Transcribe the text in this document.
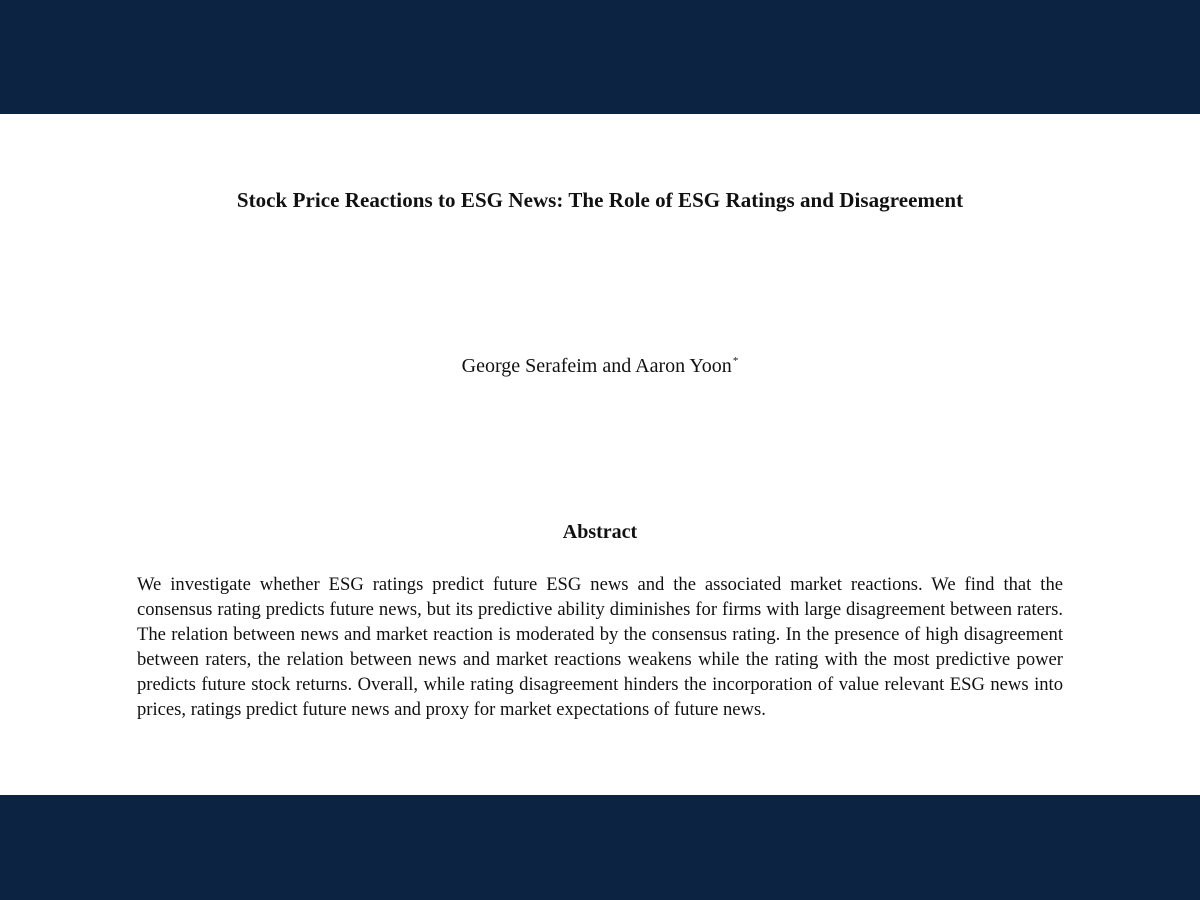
Stock Price Reactions to ESG News: The Role of ESG Ratings and Disagreement

George Serafeim and Aaron Yoon*

Abstract

We investigate whether ESG ratings predict future ESG news and the associated market reactions. We find that the consensus rating predicts future news, but its predictive ability diminishes for firms with large disagreement between raters. The relation between news and market reaction is moderated by the consensus rating. In the presence of high disagreement between raters, the relation between news and market reactions weakens while the rating with the most predictive power predicts future stock returns. Overall, while rating disagreement hinders the incorporation of value relevant ESG news into prices, ratings predict future news and proxy for market expectations of future news.
